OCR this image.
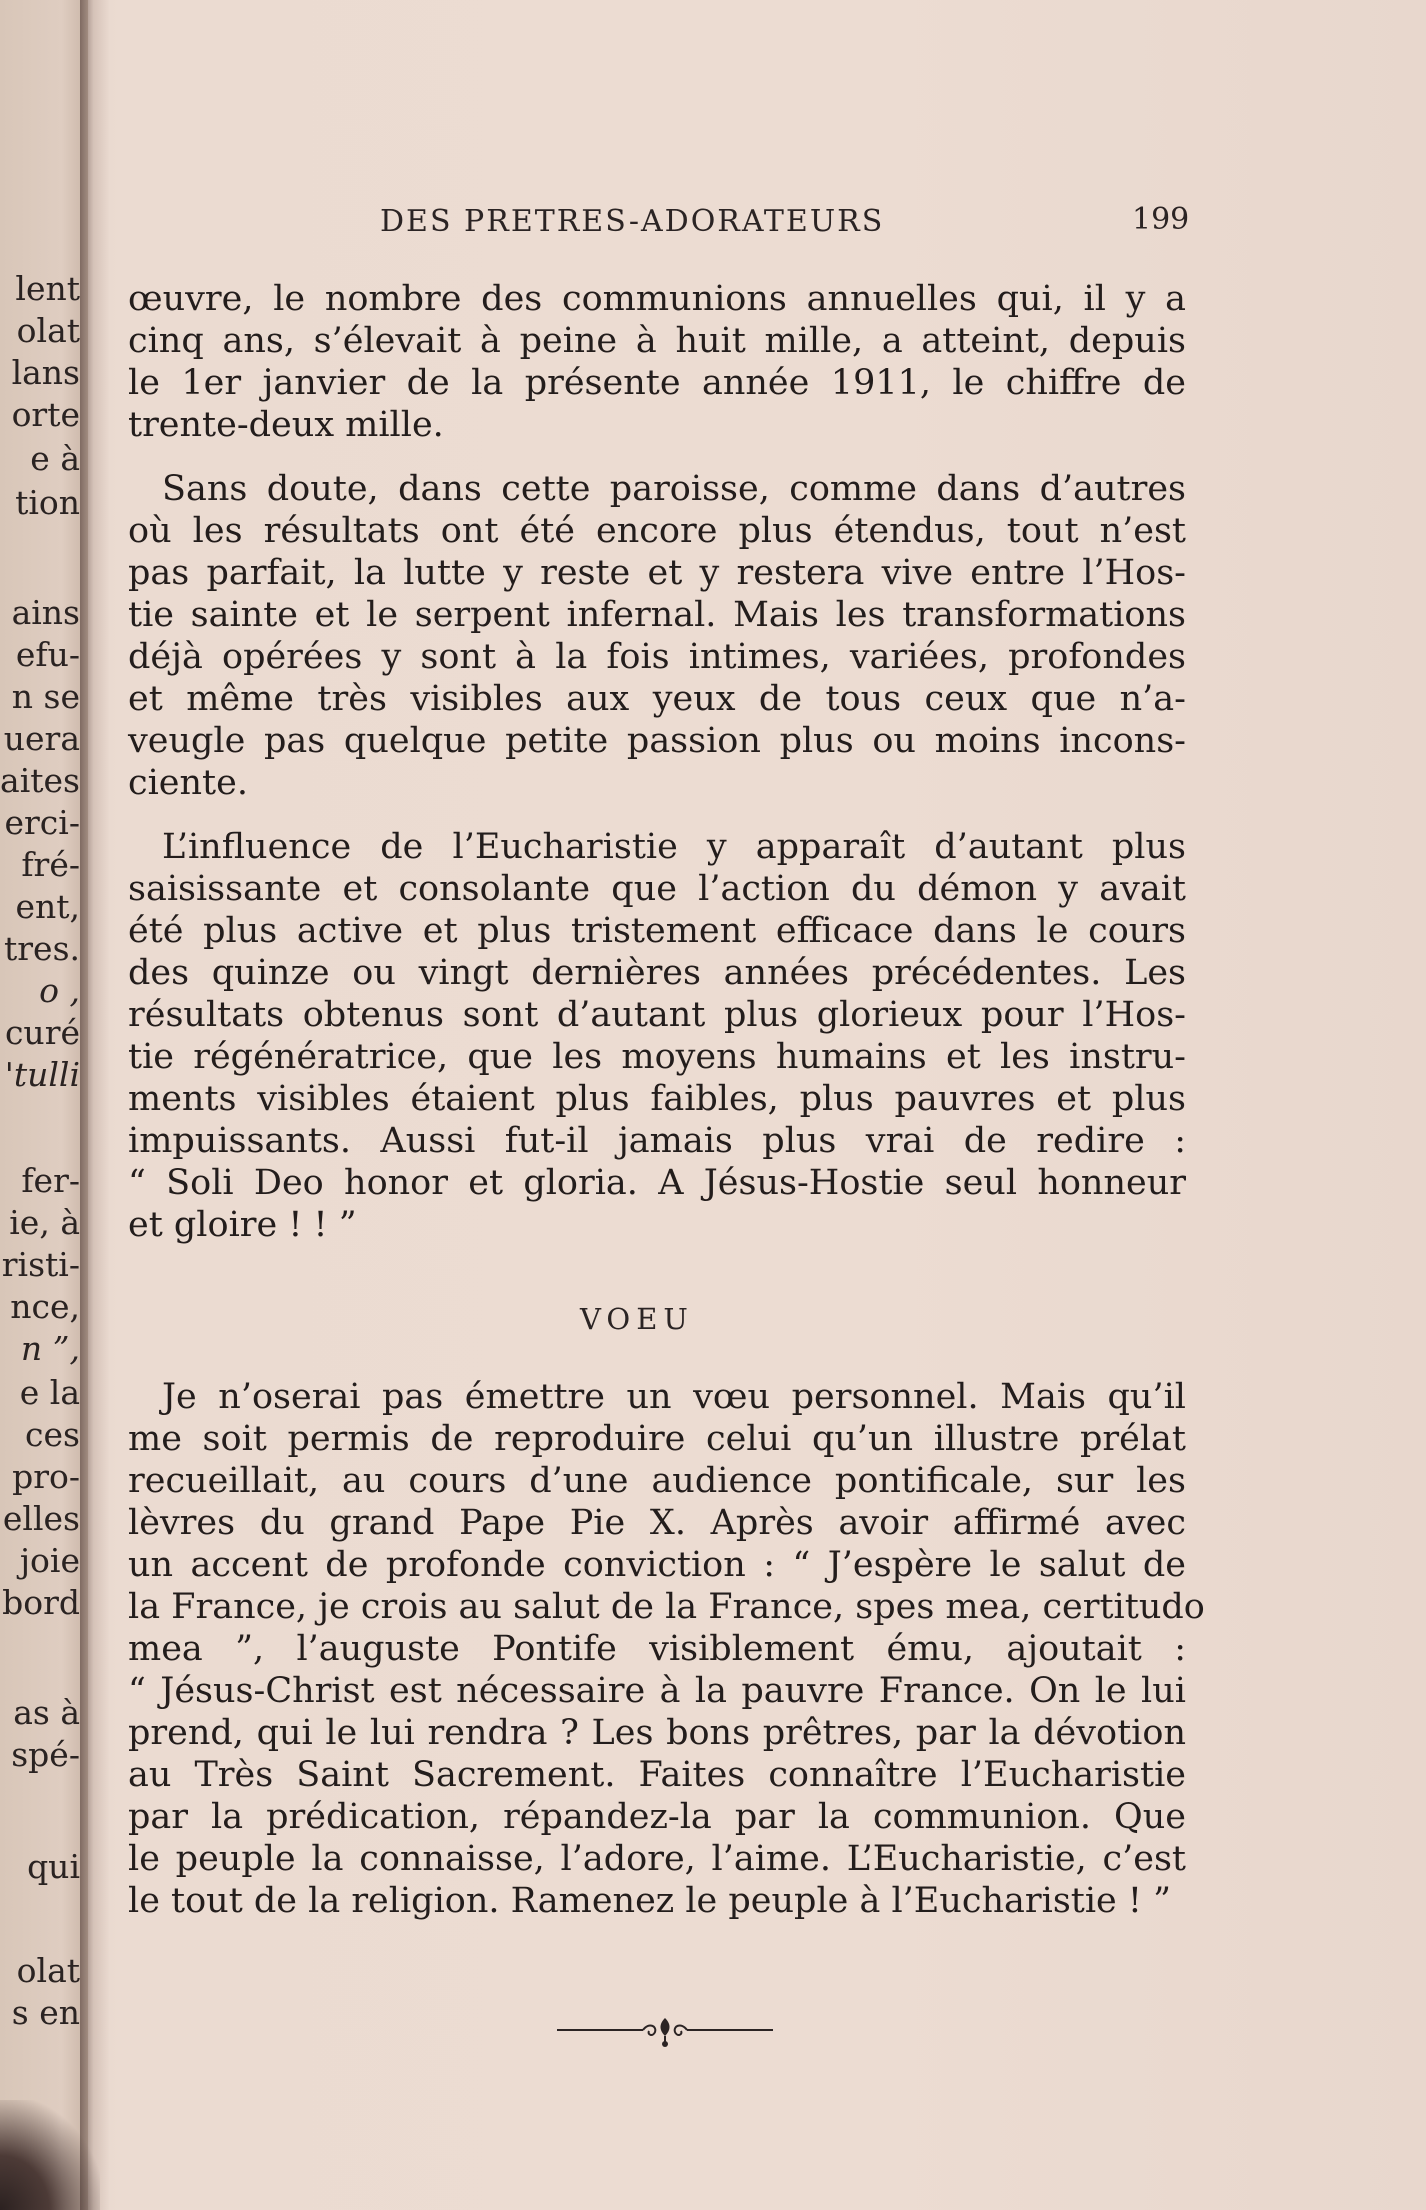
lent
olat
lans
orte
e à
tion
ains
efu-
n se
uera
aites
erci-
fré-
ent,
tres.
o ,
curé
'tulli
fer-
ie, à
risti-
nce,
n ”,
e la
ces
pro-
elles
joie
bord
as à
spé-
qui
olat
s en
DES PRETRES-ADORATEURS	199
œuvre, le nombre des communions annuelles qui, il y a
cinq ans, s’élevait à peine à huit mille, a atteint, depuis
le 1er janvier de la présente année 1911, le chiffre de
trente-deux mille.
Sans doute, dans cette paroisse, comme dans d’autres
où les résultats ont été encore plus étendus, tout n’est
pas parfait, la lutte y reste et y restera vive entre l’Hos-
tie sainte et le serpent infernal. Mais les transformations
déjà opérées y sont à la fois intimes, variées, profondes
et même très visibles aux yeux de tous ceux que n’a-
veugle pas quelque petite passion plus ou moins incons-
ciente.
L’influence de l’Eucharistie y apparaît d’autant plus
saisissante et consolante que l’action du démon y avait
été plus active et plus tristement efficace dans le cours
des quinze ou vingt dernières années précédentes. Les
résultats obtenus sont d’autant plus glorieux pour l’Hos-
tie régénératrice, que les moyens humains et les instru-
ments visibles étaient plus faibles, plus pauvres et plus
impuissants. Aussi fut-il jamais plus vrai de redire :
“ Soli Deo honor et gloria. A Jésus-Hostie seul honneur
et gloire ! ! ”
VOEU
Je n’oserai pas émettre un vœu personnel. Mais qu’il
me soit permis de reproduire celui qu’un illustre prélat
recueillait, au cours d’une audience pontificale, sur les
lèvres du grand Pape Pie X. Après avoir affirmé avec
un accent de profonde conviction : “ J’espère le salut de
la France, je crois au salut de la France, spes mea, certitudo
mea ”, l’auguste Pontife visiblement ému, ajoutait :
“ Jésus-Christ est nécessaire à la pauvre France. On le lui
prend, qui le lui rendra ? Les bons prêtres, par la dévotion
au Très Saint Sacrement. Faites connaître l’Eucharistie
par la prédication, répandez-la par la communion. Que
le peuple la connaisse, l’adore, l’aime. L’Eucharistie, c’est
le tout de la religion. Ramenez le peuple à l’Eucharistie ! ”
